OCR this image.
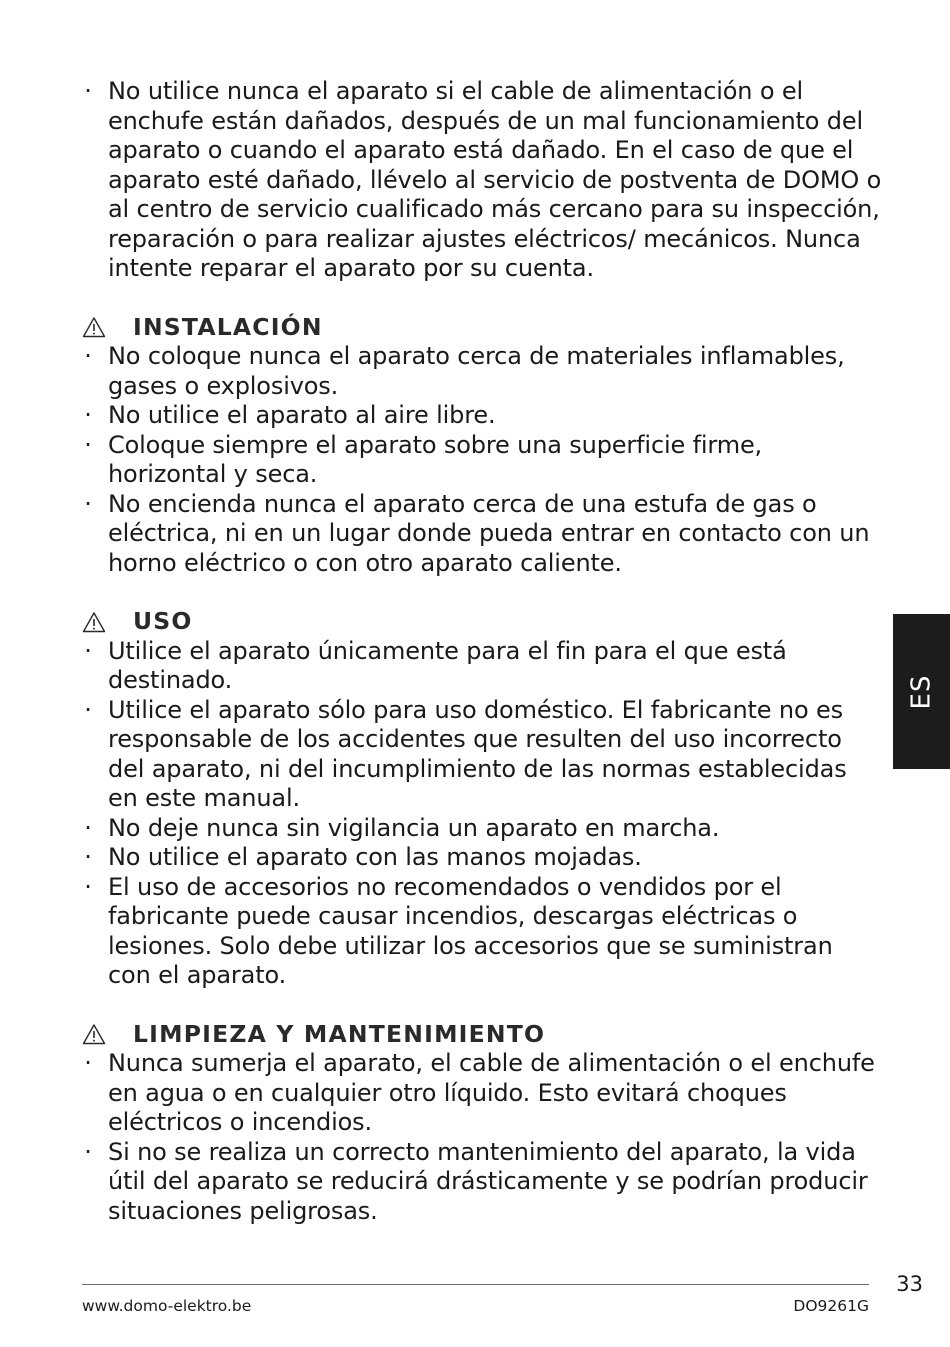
· No utilice nunca el aparato si el cable de alimentación o el enchufe están dañados, después de un mal funcionamiento del aparato o cuando el aparato está dañado. En el caso de que el aparato esté dañado, llévelo al servicio de postventa de DOMO o al centro de servicio cualificado más cercano para su inspección, reparación o para realizar ajustes eléctricos/ mecánicos. Nunca intente reparar el aparato por su cuenta.
INSTALACIÓN
· No coloque nunca el aparato cerca de materiales inflamables, gases o explosivos.
· No utilice el aparato al aire libre.
· Coloque siempre el aparato sobre una superficie firme, horizontal y seca.
· No encienda nunca el aparato cerca de una estufa de gas o eléctrica, ni en un lugar donde pueda entrar en contacto con un horno eléctrico o con otro aparato caliente.
USO
· Utilice el aparato únicamente para el fin para el que está destinado.
· Utilice el aparato sólo para uso doméstico. El fabricante no es responsable de los accidentes que resulten del uso incorrecto del aparato, ni del incumplimiento de las normas establecidas en este manual.
· No deje nunca sin vigilancia un aparato en marcha.
· No utilice el aparato con las manos mojadas.
· El uso de accesorios no recomendados o vendidos por el fabricante puede causar incendios, descargas eléctricas o lesiones. Solo debe utilizar los accesorios que se suministran con el aparato.
LIMPIEZA Y MANTENIMIENTO
· Nunca sumerja el aparato, el cable de alimentación o el enchufe en agua o en cualquier otro líquido. Esto evitará choques eléctricos o incendios.
· Si no se realiza un correcto mantenimiento del aparato, la vida útil del aparato se reducirá drásticamente y se podrían producir situaciones peligrosas.
ES
33
www.domo-elektro.be	DO9261G
